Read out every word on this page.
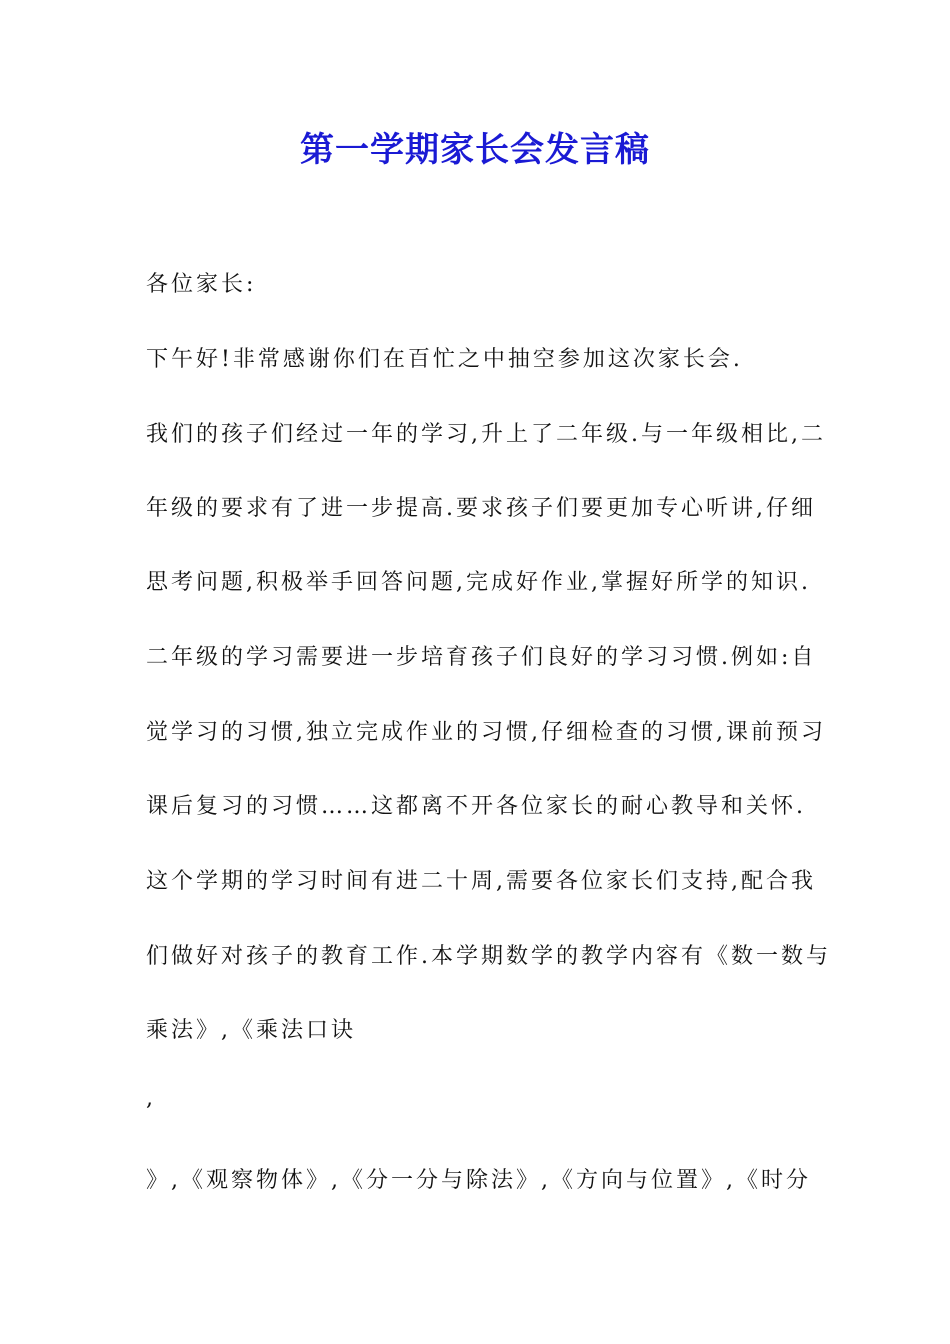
第一学期家长会发言稿
各位家长:
下午好!非常感谢你们在百忙之中抽空参加这次家长会.
我们的孩子们经过一年的学习,升上了二年级.与一年级相比,二
年级的要求有了进一步提高.要求孩子们要更加专心听讲,仔细
思考问题,积极举手回答问题,完成好作业,掌握好所学的知识.
二年级的学习需要进一步培育孩子们良好的学习习惯.例如:自
觉学习的习惯,独立完成作业的习惯,仔细检查的习惯,课前预习
课后复习的习惯……这都离不开各位家长的耐心教导和关怀.
这个学期的学习时间有进二十周,需要各位家长们支持,配合我
们做好对孩子的教育工作.本学期数学的教学内容有《数一数与
乘法》,《乘法口诀
,
》,《观察物体》,《分一分与除法》,《方向与位置》,《时分
